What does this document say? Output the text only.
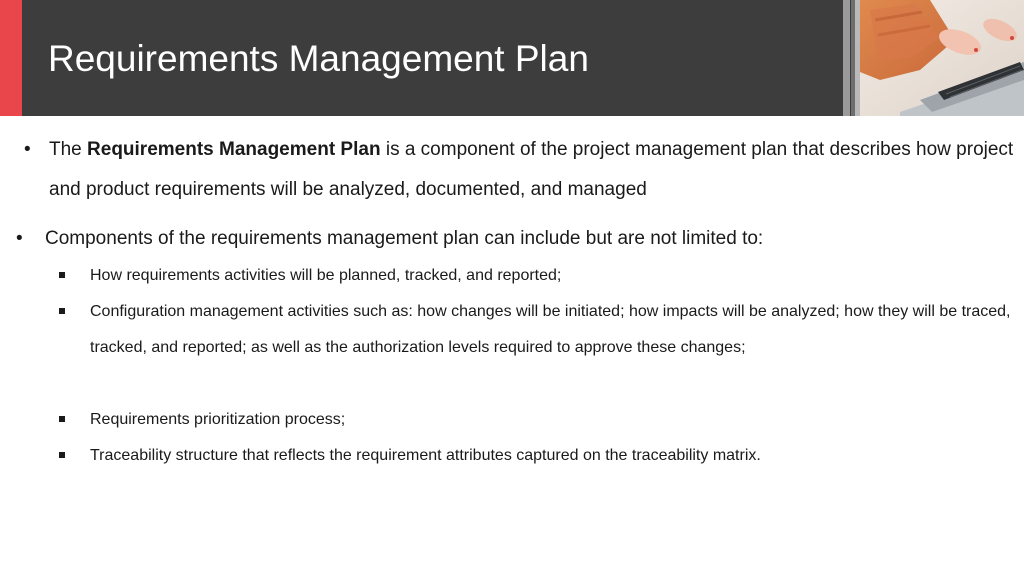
Requirements Management Plan

• The Requirements Management Plan is a component of the project management plan that describes how project and product requirements will be analyzed, documented, and managed

• Components of the requirements management plan can include but are not limited to:

How requirements activities will be planned, tracked, and reported;

Configuration management activities such as: how changes will be initiated; how impacts will be analyzed; how they will be traced, tracked, and reported; as well as the authorization levels required to approve these changes;

Requirements prioritization process;

Traceability structure that reflects the requirement attributes captured on the traceability matrix.
